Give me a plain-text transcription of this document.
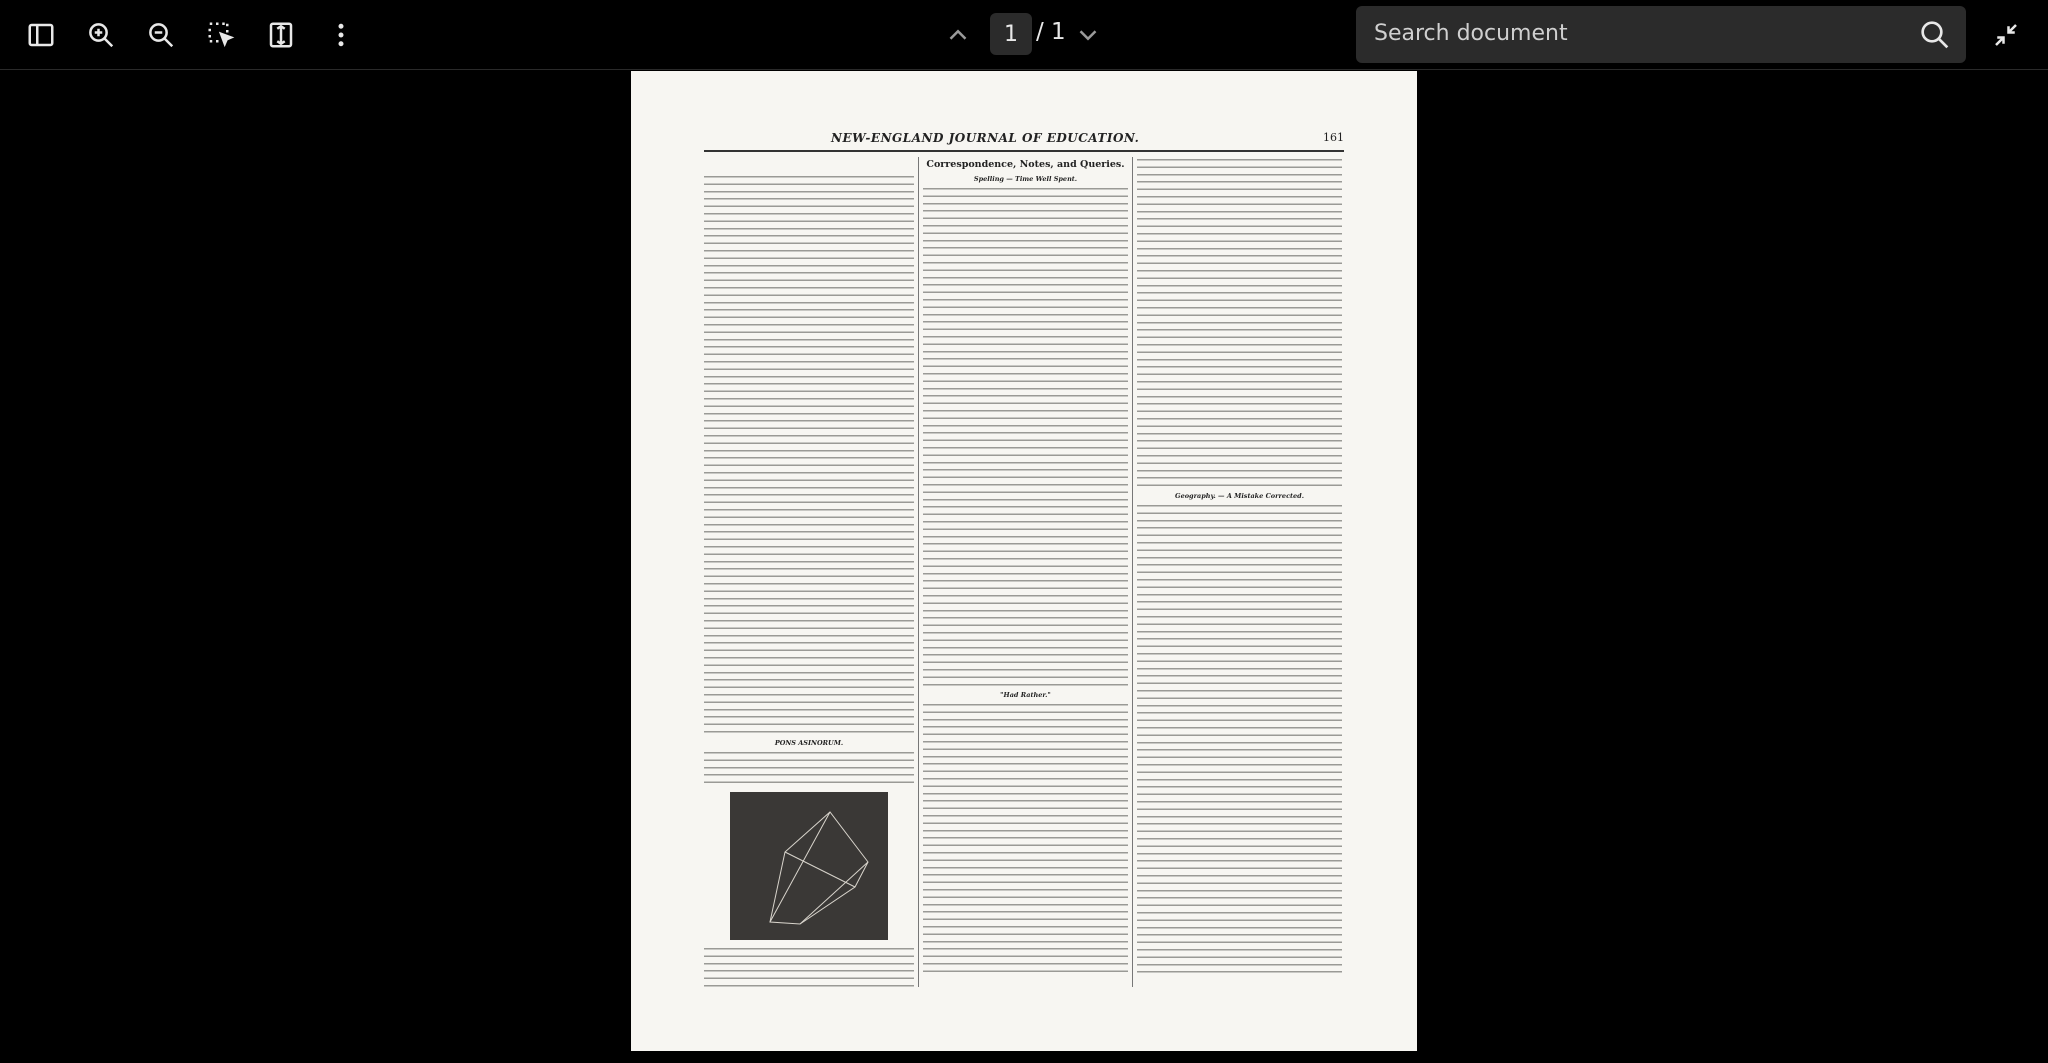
1 / 1	Search document
NEW-ENGLAND JOURNAL OF EDUCATION.	161

PONS ASINORUM.
Correspondence, Notes, and Queries.
Spelling — Time Well Spent.
"Had Rather."
Geography. — A Mistake Corrected.
